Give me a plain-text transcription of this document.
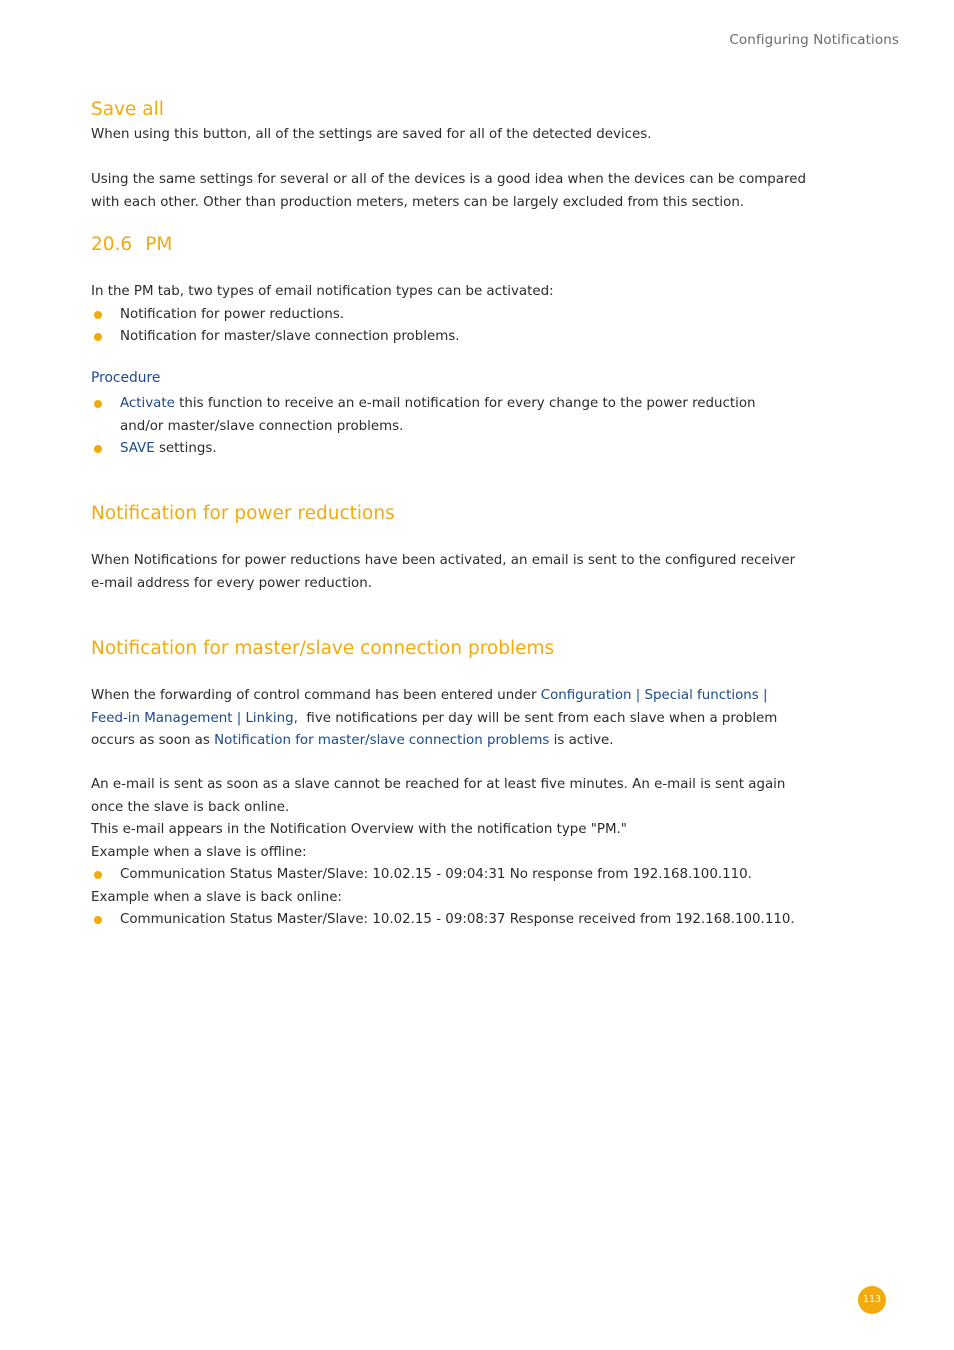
Configuring Notifications
Save all

When using this button, all of the settings are saved for all of the detected devices.

Using the same settings for several or all of the devices is a good idea when the devices can be compared
with each other. Other than production meters, meters can be largely excluded from this section.

20.6 PM

In the PM tab, two types of email notification types can be activated:

Notification for power reductions.
Notification for master/slave connection problems.
Procedure
Activate this function to receive an e-mail notification for every change to the power reduction
and/or master/slave connection problems.
SAVE settings.
Notification for power reductions

When Notifications for power reductions have been activated, an email is sent to the configured receiver
e-mail address for every power reduction.

Notification for master/slave connection problems

When the forwarding of control command has been entered under Configuration | Special functions |
Feed-in Management | Linking,  five notifications per day will be sent from each slave when a problem
occurs as soon as Notification for master/slave connection problems is active.

An e-mail is sent as soon as a slave cannot be reached for at least five minutes. An e-mail is sent again
once the slave is back online.
This e-mail appears in the Notification Overview with the notification type "PM."
Example when a slave is offline:

Communication Status Master/Slave: 10.02.15 - 09:04:31 No response from 192.168.100.110.

Example when a slave is back online:

Communication Status Master/Slave: 10.02.15 - 09:08:37 Response received from 192.168.100.110.
113
